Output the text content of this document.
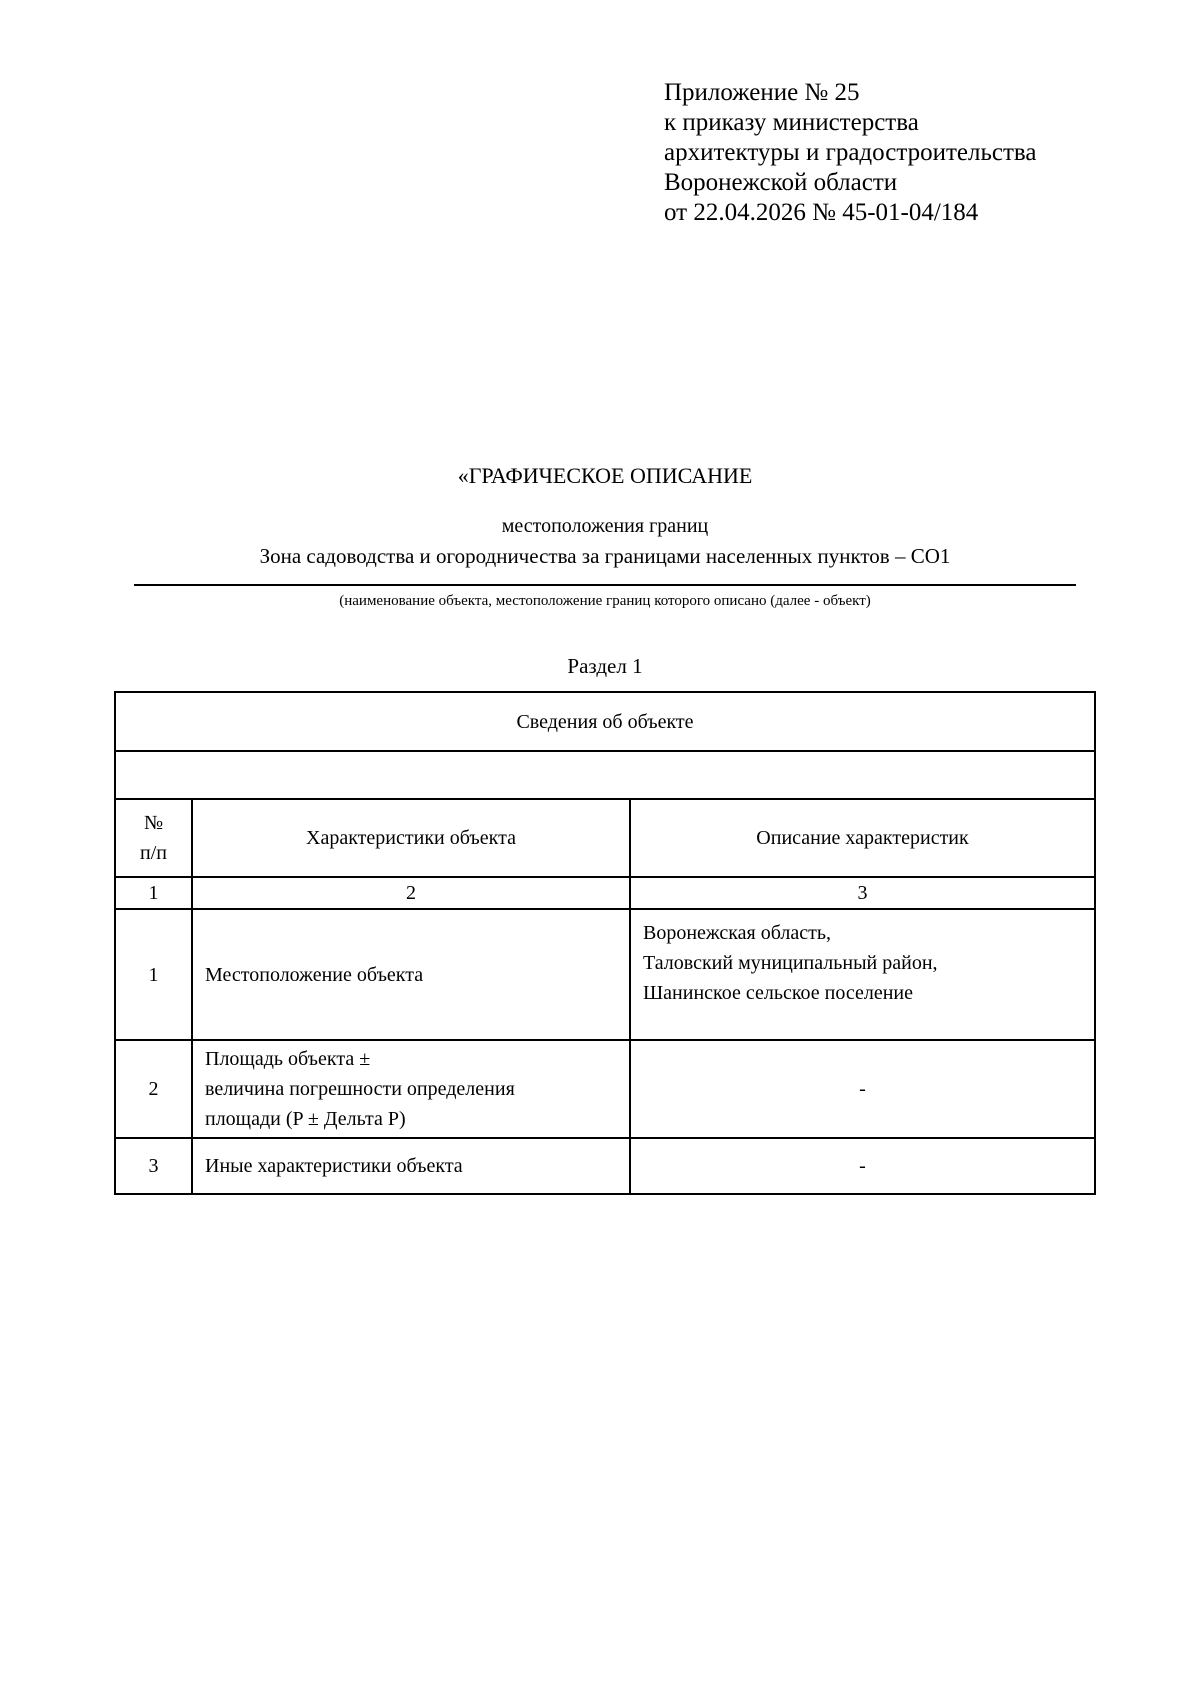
Приложение № 25
к приказу министерства
архитектуры и градостроительства
Воронежской области
от 22.04.2026 № 45-01-04/184
«ГРАФИЧЕСКОЕ ОПИСАНИЕ
местоположения границ
Зона садоводства и огородничества за границами населенных пунктов – СО1
(наименование объекта, местоположение границ которого описано (далее - объект)
Раздел 1
Сведения об объекте		

№
п/п	Характеристики объекта	Описание характеристик
1	2	3
1	Местоположение объекта	Воронежская область,
Таловский муниципальный район,
Шанинское сельское поселение

2	Площадь объекта ±
величина погрешности определения
площади (P ± Дельта P)	-
3	Иные характеристики объекта	-
